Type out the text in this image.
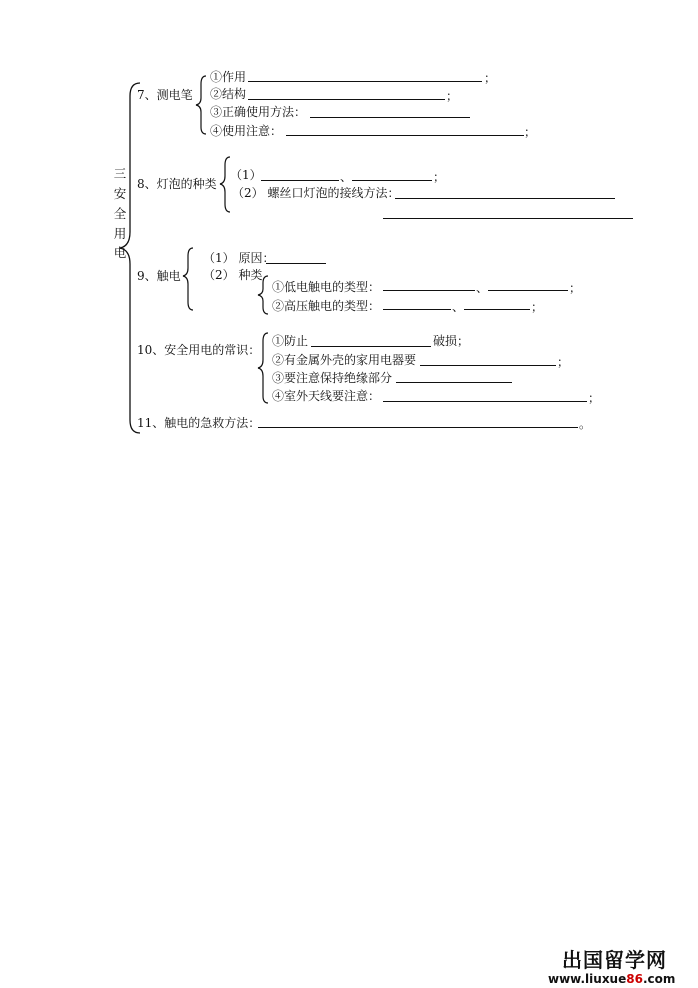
三
安
全
用
电
7、测电笔
①作用	；
②结构	；
③正确使用方法：
④使用注意：	；
8、灯泡的种类
（1）	、	；
（2） 螺丝口灯泡的接线方法：
9、触电
（1） 原因：
（2） 种类
①低电触电的类型：	、	；
②高压触电的类型：	、	；
10、安全用电的常识：
①防止	破损；
②有金属外壳的家用电器要	；
③要注意保持绝缘部分
④室外天线要注意：	；
11、触电的急救方法：	。
出国留学网
www.liuxue86.com
